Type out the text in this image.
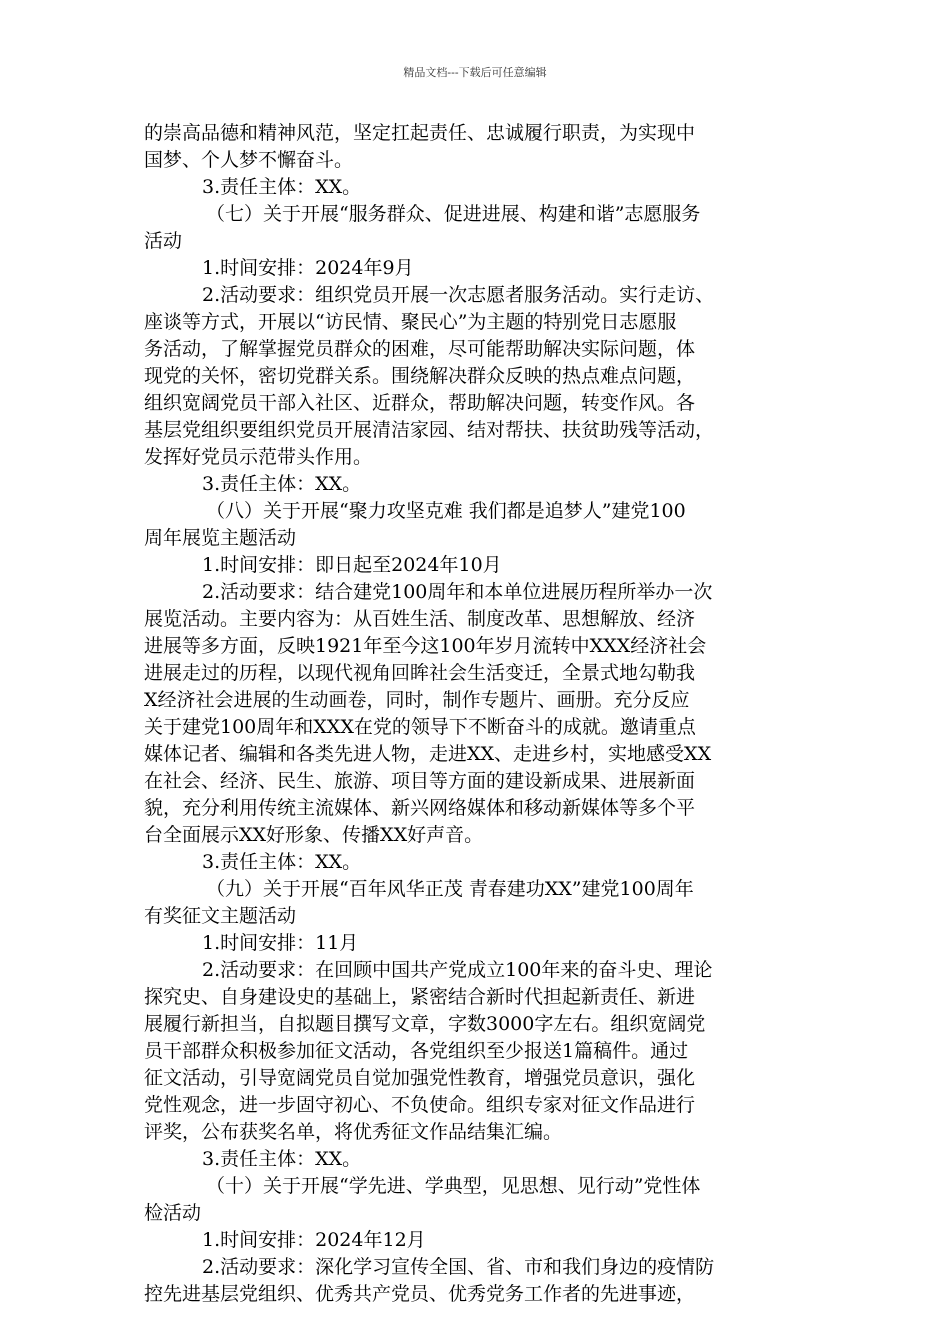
精品文档---下载后可任意编辑
的崇高品德和精神风范，坚定扛起责任、忠诚履行职责，为实现中
国梦、个人梦不懈奋斗。
3.责任主体：XX。
（七）关于开展“服务群众、促进进展、构建和谐”志愿服务
活动
1.时间安排：2024年9月
2.活动要求：组织党员开展一次志愿者服务活动。实行走访、
座谈等方式，开展以“访民情、聚民心”为主题的特别党日志愿服
务活动，了解掌握党员群众的困难，尽可能帮助解决实际问题，体
现党的关怀，密切党群关系。围绕解决群众反映的热点难点问题，
组织宽阔党员干部入社区、近群众，帮助解决问题，转变作风。各
基层党组织要组织党员开展清洁家园、结对帮扶、扶贫助残等活动，
发挥好党员示范带头作用。
3.责任主体：XX。
（八）关于开展“聚力攻坚克难 我们都是追梦人”建党100
周年展览主题活动
1.时间安排：即日起至2024年10月
2.活动要求：结合建党100周年和本单位进展历程所举办一次
展览活动。主要内容为：从百姓生活、制度改革、思想解放、经济
进展等多方面，反映1921年至今这100年岁月流转中XXX经济社会
进展走过的历程，以现代视角回眸社会生活变迁，全景式地勾勒我
X经济社会进展的生动画卷，同时，制作专题片、画册。充分反应
关于建党100周年和XXX在党的领导下不断奋斗的成就。邀请重点
媒体记者、编辑和各类先进人物，走进XX、走进乡村，实地感受XX
在社会、经济、民生、旅游、项目等方面的建设新成果、进展新面
貌，充分利用传统主流媒体、新兴网络媒体和移动新媒体等多个平
台全面展示XX好形象、传播XX好声音。
3.责任主体：XX。
（九）关于开展“百年风华正茂 青春建功XX”建党100周年
有奖征文主题活动
1.时间安排：11月
2.活动要求：在回顾中国共产党成立100年来的奋斗史、理论
探究史、自身建设史的基础上，紧密结合新时代担起新责任、新进
展履行新担当，自拟题目撰写文章，字数3000字左右。组织宽阔党
员干部群众积极参加征文活动，各党组织至少报送1篇稿件。通过
征文活动，引导宽阔党员自觉加强党性教育，增强党员意识，强化
党性观念，进一步固守初心、不负使命。组织专家对征文作品进行
评奖，公布获奖名单，将优秀征文作品结集汇编。
3.责任主体：XX。
（十）关于开展“学先进、学典型，见思想、见行动”党性体
检活动
1.时间安排：2024年12月
2.活动要求：深化学习宣传全国、省、市和我们身边的疫情防
控先进基层党组织、优秀共产党员、优秀党务工作者的先进事迹，
